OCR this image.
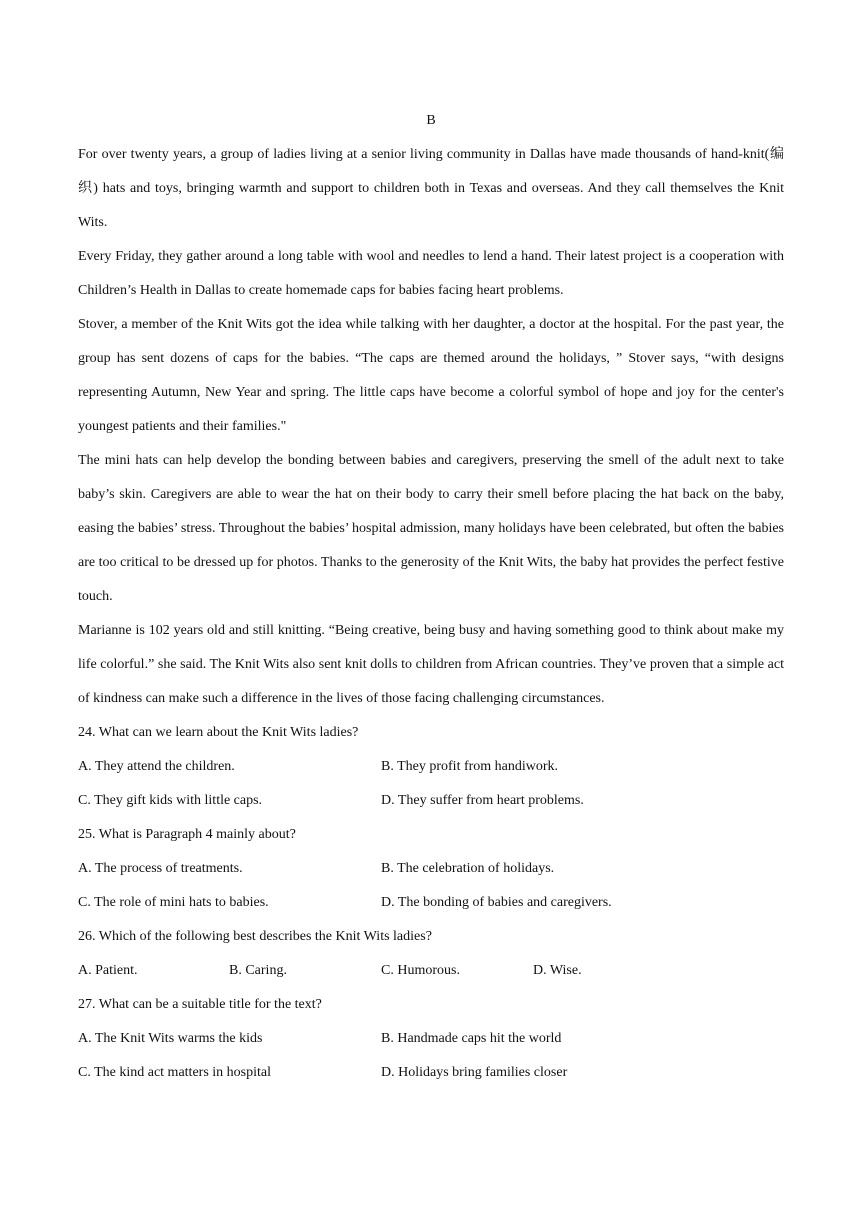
B

For over twenty years, a group of ladies living at a senior living community in Dallas have made thousands of hand-knit(编织) hats and toys, bringing warmth and support to children both in Texas and overseas. And they call themselves the Knit Wits.

Every Friday, they gather around a long table with wool and needles to lend a hand. Their latest project is a cooperation with Children’s Health in Dallas to create homemade caps for babies facing heart problems.

Stover, a member of the Knit Wits got the idea while talking with her daughter, a doctor at the hospital. For the past year, the group has sent dozens of caps for the babies. “The caps are themed around the holidays, ” Stover says, “with designs representing Autumn, New Year and spring. The little caps have become a colorful symbol of hope and joy for the center's youngest patients and their families."

The mini hats can help develop the bonding between babies and caregivers, preserving the smell of the adult next to take baby’s skin. Caregivers are able to wear the hat on their body to carry their smell before placing the hat back on the baby, easing the babies’ stress. Throughout the babies’ hospital admission, many holidays have been celebrated, but often the babies are too critical to be dressed up for photos. Thanks to the generosity of the Knit Wits, the baby hat provides the perfect festive touch.

Marianne is 102 years old and still knitting. “Being creative, being busy and having something good to think about make my life colorful.” she said. The Knit Wits also sent knit dolls to children from African countries. They’ve proven that a simple act of kindness can make such a difference in the lives of those facing challenging circumstances.

24. What can we learn about the Knit Wits ladies?

A. They attend the children.	B. They profit from handiwork.
C. They gift kids with little caps.	D. They suffer from heart problems.

25. What is Paragraph 4 mainly about?

A. The process of treatments.	B. The celebration of holidays.
C. The role of mini hats to babies.	D. The bonding of babies and caregivers.

26. Which of the following best describes the Knit Wits ladies?

A. Patient.	B. Caring.	C. Humorous.	D. Wise.

27. What can be a suitable title for the text?

A. The Knit Wits warms the kids	B. Handmade caps hit the world
C. The kind act matters in hospital	D. Holidays bring families closer
